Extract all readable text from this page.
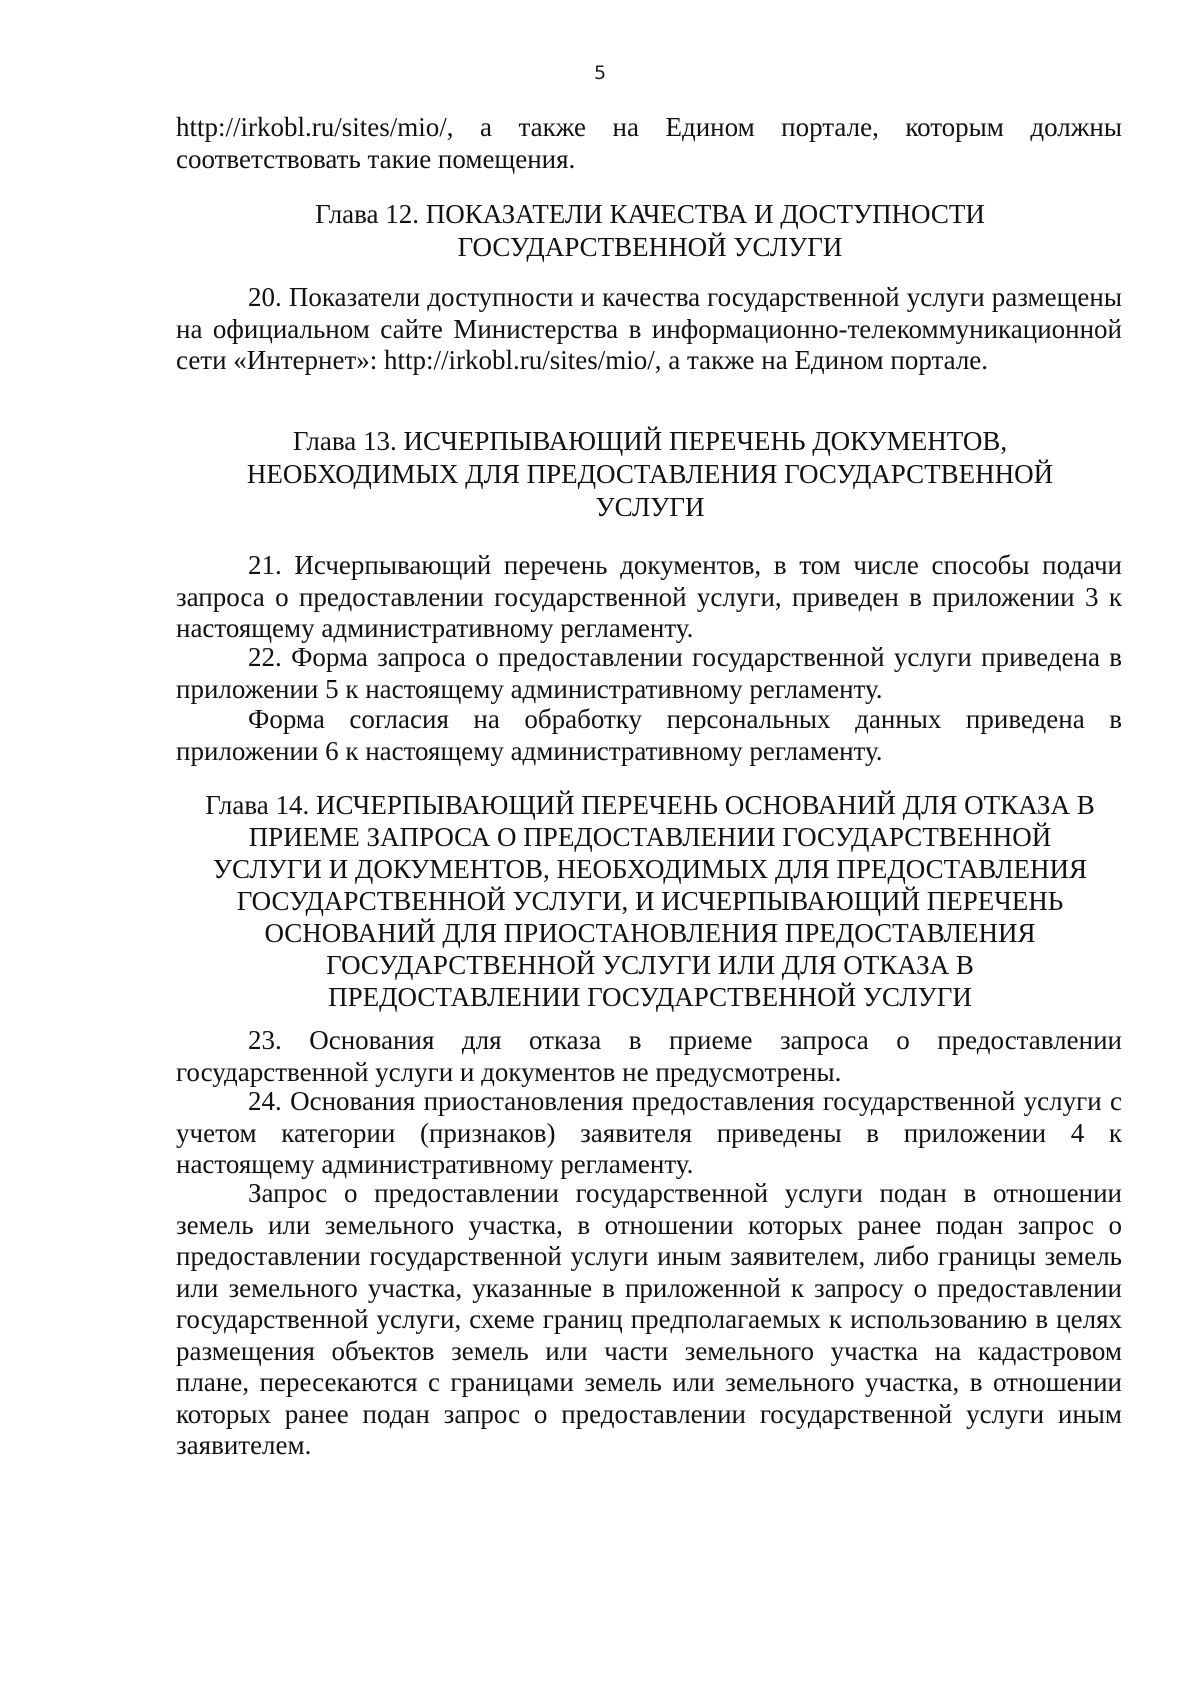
5
http://irkobl.ru/sites/mio/, а также на Едином портале, которым должны соответствовать такие помещения.
Глава 12. ПОКАЗАТЕЛИ КАЧЕСТВА И ДОСТУПНОСТИ
ГОСУДАРСТВЕННОЙ УСЛУГИ
20. Показатели доступности и качества государственной услуги размещены на официальном сайте Министерства в информационно-телекоммуникационной сети «Интернет»: http://irkobl.ru/sites/mio/, а также на Едином портале.
Глава 13. ИСЧЕРПЫВАЮЩИЙ ПЕРЕЧЕНЬ ДОКУМЕНТОВ,
НЕОБХОДИМЫХ ДЛЯ ПРЕДОСТАВЛЕНИЯ ГОСУДАРСТВЕННОЙ
УСЛУГИ
21. Исчерпывающий перечень документов, в том числе способы подачи запроса о предоставлении государственной услуги, приведен в приложении 3 к настоящему административному регламенту.
22. Форма запроса о предоставлении государственной услуги приведена в приложении 5 к настоящему административному регламенту.
Форма согласия на обработку персональных данных приведена в приложении 6 к настоящему административному регламенту.
Глава 14. ИСЧЕРПЫВАЮЩИЙ ПЕРЕЧЕНЬ ОСНОВАНИЙ ДЛЯ ОТКАЗА В
ПРИЕМЕ ЗАПРОСА О ПРЕДОСТАВЛЕНИИ ГОСУДАРСТВЕННОЙ
УСЛУГИ И ДОКУМЕНТОВ, НЕОБХОДИМЫХ ДЛЯ ПРЕДОСТАВЛЕНИЯ
ГОСУДАРСТВЕННОЙ УСЛУГИ, И ИСЧЕРПЫВАЮЩИЙ ПЕРЕЧЕНЬ
ОСНОВАНИЙ ДЛЯ ПРИОСТАНОВЛЕНИЯ ПРЕДОСТАВЛЕНИЯ
ГОСУДАРСТВЕННОЙ УСЛУГИ ИЛИ ДЛЯ ОТКАЗА В
ПРЕДОСТАВЛЕНИИ ГОСУДАРСТВЕННОЙ УСЛУГИ
23. Основания для отказа в приеме запроса о предоставлении государственной услуги и документов не предусмотрены.
24. Основания приостановления предоставления государственной услуги с учетом категории (признаков) заявителя приведены в приложении 4 к настоящему административному регламенту.
Запрос о предоставлении государственной услуги подан в отношении земель или земельного участка, в отношении которых ранее подан запрос о предоставлении государственной услуги иным заявителем, либо границы земель или земельного участка, указанные в приложенной к запросу о предоставлении государственной услуги, схеме границ предполагаемых к использованию в целях размещения объектов земель или части земельного участка на кадастровом плане, пересекаются с границами земель или земельного участка, в отношении которых ранее подан запрос о предоставлении государственной услуги иным заявителем.
